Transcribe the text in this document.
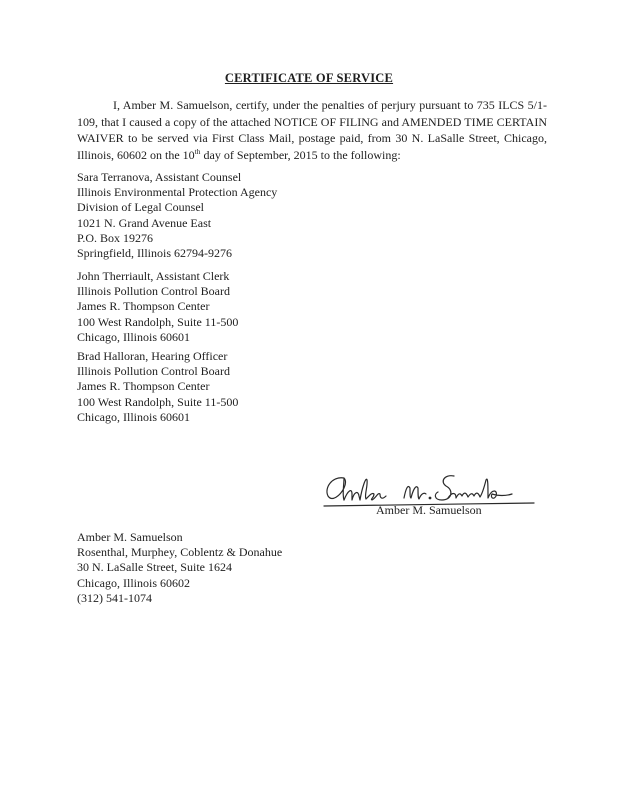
CERTIFICATE OF SERVICE

I, Amber M. Samuelson, certify, under the penalties of perjury pursuant to 735 ILCS 5/1-109, that I caused a copy of the attached NOTICE OF FILING and AMENDED TIME CERTAIN WAIVER to be served via First Class Mail, postage paid, from 30 N. LaSalle Street, Chicago, Illinois, 60602 on the 10th day of September, 2015 to the following:

Sara Terranova, Assistant Counsel
Illinois Environmental Protection Agency
Division of Legal Counsel
1021 N. Grand Avenue East
P.O. Box 19276
Springfield, Illinois 62794-9276
John Therriault, Assistant Clerk
Illinois Pollution Control Board
James R. Thompson Center
100 West Randolph, Suite 11-500
Chicago, Illinois 60601
Brad Halloran, Hearing Officer
Illinois Pollution Control Board
James R. Thompson Center
100 West Randolph, Suite 11-500
Chicago, Illinois 60601
Amber M. Samuelson
Amber M. Samuelson
Rosenthal, Murphey, Coblentz & Donahue
30 N. LaSalle Street, Suite 1624
Chicago, Illinois 60602
(312) 541-1074
